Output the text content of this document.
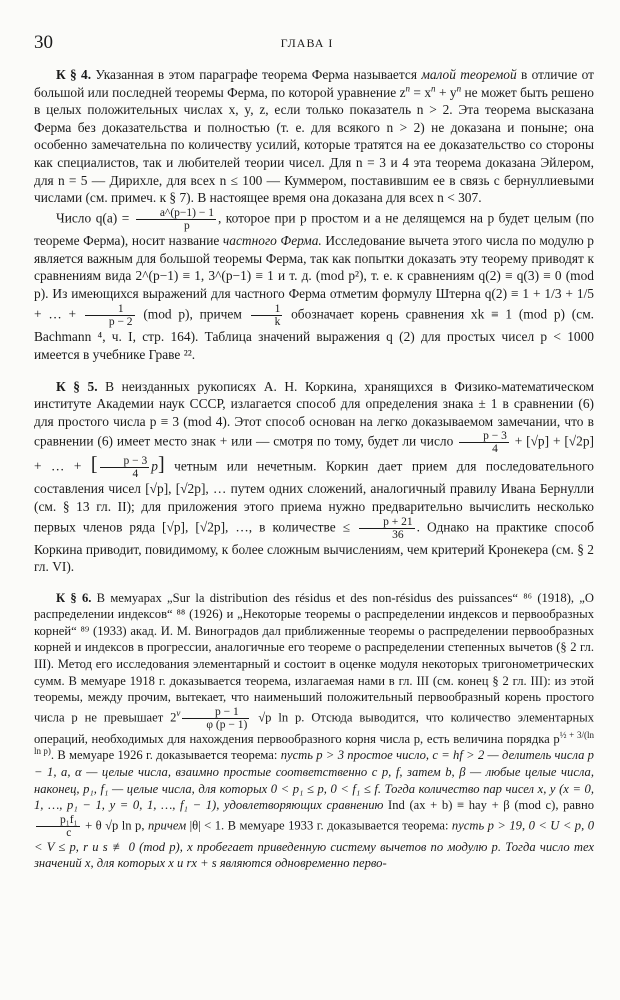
30	ГЛАВА I

К § 4. Указанная в этом параграфе теорема Ферма называется малой теоремой в отличие от большой или последней теоремы Ферма, по которой уравнение $z^n = x^n + y^n$ не может быть решено в целых положительных числах x, y, z, если только показатель n > 2. Эта теорема высказана Ферма без доказательства и полностью (т. е. для всякого n > 2) не доказана и поныне; она особенно замечательна по количеству усилий, которые тратятся на ее доказательство со стороны как специалистов, так и любителей теории чисел. Для n = 3 и 4 эта теорема доказана Эйлером, для n = 5 — Дирихле, для всех n ≤ 100 — Куммером, поставившим ее в связь с бернуллиевыми числами (см. примеч. к § 7). В настоящее время она доказана для всех n < 307.

Число $q(a) = \frac{a\^{}(p-1) - 1}{p}$ , которое при p простом и a не делящемся на p будет целым (по теореме Ферма), носит название частного Ферма. Исследование вычета этого числа по модулю p является важным для большой теоремы Ферма, так как попытки доказать эту теорему приводят к сравнениям вида 2^(p−1) ≡ 1, 3^(p−1) ≡ 1 и т. д. (mod p²), т. е. к сравнениям q(2) ≡ q(3) ≡ 0 (mod p). Из имеющихся выражений для частного Ферма отметим формулу Штерна q(2) ≡ 1 + 1/3 + 1/5 + … + $\frac{1}{p - 2} (mod$ p), причем $\frac{1}{k}$ обозначает корень сравнения xk ≡ 1 (mod p) (см. Bachmann ⁴, ч. I, стр. 164). Таблица значений выражения q (2) для простых чисел p < 1000 имеется в учебнике Граве ²².

К § 5. В неизданных рукописях А. Н. Коркина, хранящихся в Физико-математическом институте Академии наук СССР, излагается способ для определения знака ± 1 в сравнении (6) для простого числа p ≡ 3 (mod 4). Этот способ основан на легко доказываемом замечании, что в сравнении (6) имеет место знак + или — смотря по тому, будет ли число $\frac{p - 3}{4} + [√p] + [√2p]$ + … + [ $\frac{p - 3}{4} p$] четным или нечетным. Коркин дает прием для последовательного составления чисел [√p], [√2p], … путем одних сложений, аналогичный правилу Ивана Бернулли (см. § 13 гл. II); для приложения этого приема нужно предварительно вычислить несколько первых членов ряда [√p], [√2p], …, в количестве ≤ $\frac{p + 21}{36}$ . Однако на практике способ Коркина приводит, повидимому, к более сложным вычислениям, чем критерий Кронекера (см. § 2 гл. VI).

К § 6. В мемуарах „Sur la distribution des résidus et des non-résidus des puissances“ ⁸⁶ (1918), „О распределении индексов“ ⁸⁸ (1926) и „Некоторые теоремы о распределении индексов и первообразных корней“ ⁸⁹ (1933) акад. И. М. Виноградов дал приближенные теоремы о распределении первообразных корней и индексов в прогрессии, аналогичные его теореме о распределении степенных вычетов (§ 2 гл. III). Метод его исследования элементарный и состоит в оценке модуля некоторых тригонометрических сумм. В мемуаре 1918 г. доказывается теорема, излагаемая нами в гл. III (см. конец § 2 гл. III): из этой теоремы, между прочим, вытекает, что наименьший положительный первообразный корень простого числа p не превышает $2^\nu \frac{p - 1}{\varphi (p - 1)} √p$ ln p. Отсюда выводится, что количество элементарных операций, необходимых для нахождения первообразного корня числа p, есть величина порядка $p^{\frac{1}{2} + 3/(ln ln p)}$. В мемуаре 1926 г. доказывается теорема: пусть p > 3 простое число, c = hf > 2 — делитель числа p − 1, a, α — целые числа, взаимно простые соответственно с p, f, затем b, β — любые целые числа, наконец, p₁, f₁ — целые числа, для которых 0 < p₁ ≤ p, 0 < f₁ ≤ f. Тогда количество пар чисел x, y (x = 0, 1, …, p₁ − 1, y = 0, 1, …, f₁ − 1), удовлетворяющих сравнению Ind (ax + b) ≡ hay + β (mod c), равно
$\frac{\text{p₁f₁}}{c} + \theta$ √p ln p, причем |θ| < 1. В мемуаре 1933 г. доказывается теорема: пусть p > 19, 0 < U < p, 0 < V ≤ p, r и s ≢ 0 (mod p), x пробегает приведенную систему вычетов по модулю p. Тогда число тех значений x, для которых x и rx + s являются одновременно перво-
